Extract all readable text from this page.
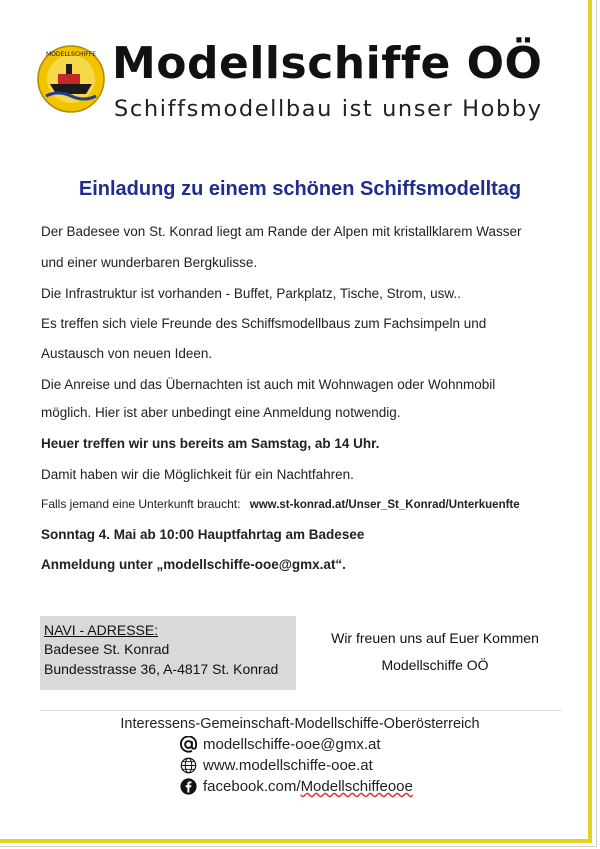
MODELLSCHIFFE Modellschiffe OÖ
Schiffsmodellbau ist unser Hobby
Einladung zu einem schönen Schiffsmodelltag
Der Badesee von St. Konrad liegt am Rande der Alpen mit kristallklarem Wasser
und einer wunderbaren Bergkulisse.
Die Infrastruktur ist vorhanden - Buffet, Parkplatz, Tische, Strom, usw..
Es treffen sich viele Freunde des Schiffsmodellbaus zum Fachsimpeln und
Austausch von neuen Ideen.
Die Anreise und das Übernachten ist auch mit Wohnwagen oder Wohnmobil
möglich. Hier ist aber unbedingt eine Anmeldung notwendig.
Heuer treffen wir uns bereits am Samstag, ab 14 Uhr.
Damit haben wir die Möglichkeit für ein Nachtfahren.
Falls jemand eine Unterkunft braucht: www.st-konrad.at/Unser_St_Konrad/Unterkuenfte
Sonntag 4. Mai ab 10:00 Hauptfahrtag am Badesee
Anmeldung unter „modellschiffe-ooe@gmx.at“.
NAVI - ADRESSE:
Badesee St. Konrad
Bundesstrasse 36, A-4817 St. Konrad
Wir freuen uns auf Euer Kommen
Modellschiffe OÖ
Interessens-Gemeinschaft-Modellschiffe-Oberösterreich
modellschiffe-ooe@gmx.at
www.modellschiffe-ooe.at
facebook.com/ Modellschiffeooe
